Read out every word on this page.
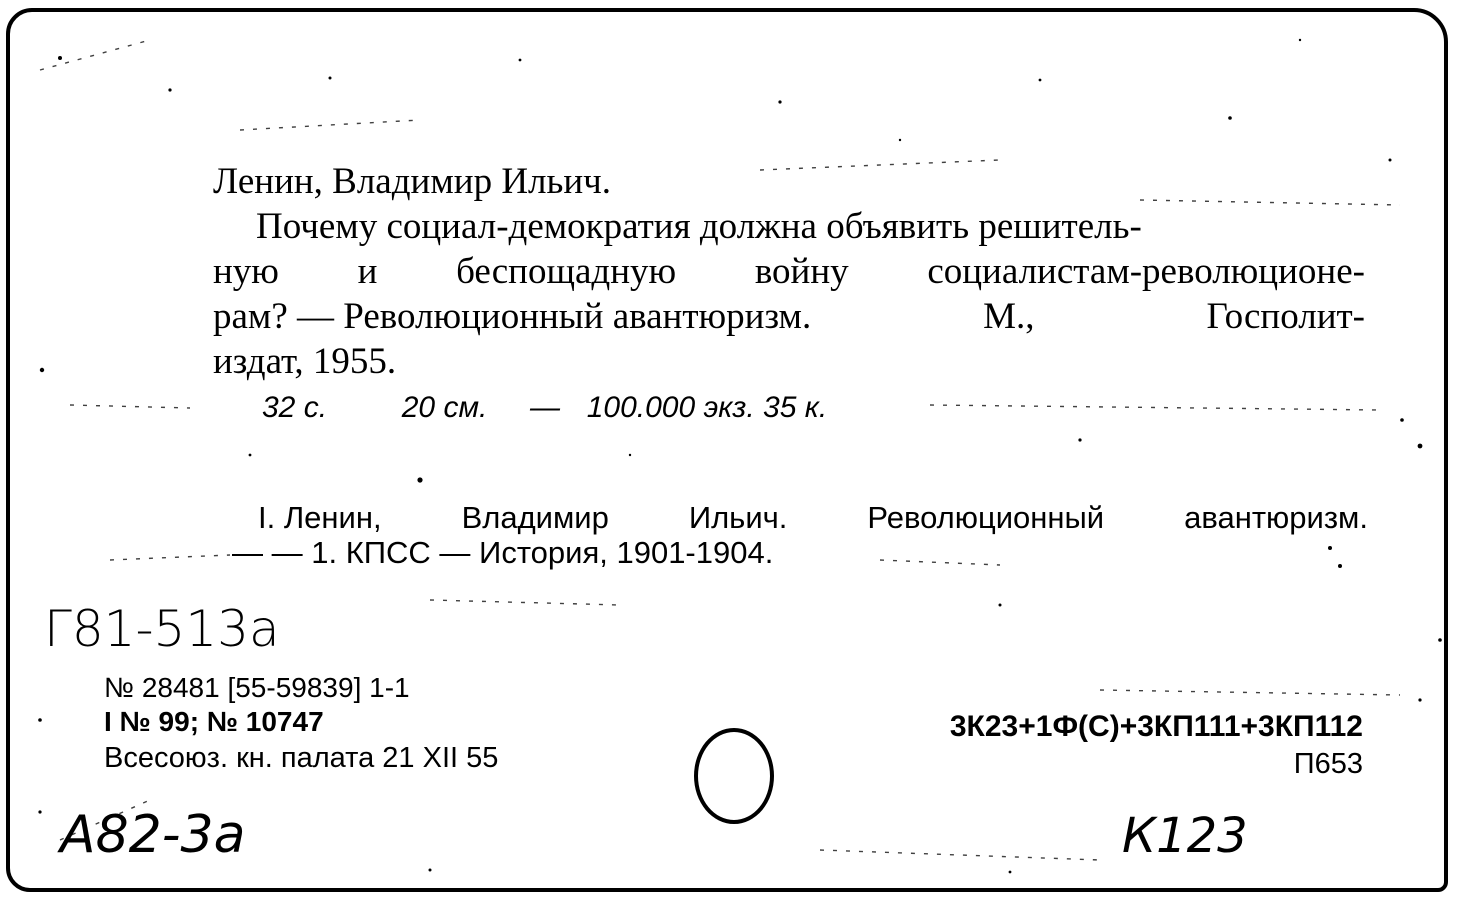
Ленин, Владимир Ильич.
Почему социал-демократия должна объявить решитель-
ную и беспощадную войну социалистам-революционе-
рам? — Революционный авантюризм.	М.,	Госполит-
издат, 1955.
32 с. 20 см. — 100.000 экз. 35 к.
I. Ленин,	Владимир	Ильич.	Революционный	авантюризм.
— — 1. КПСС — История, 1901-1904.
Г81-513а
№ 28481 [55-59839] 1-1
I № 99; № 10747
Всесоюз. кн. палата 21 XII 55
3К23+1Ф(С)+3КП111+3КП112
П653
А82-3а	К123
